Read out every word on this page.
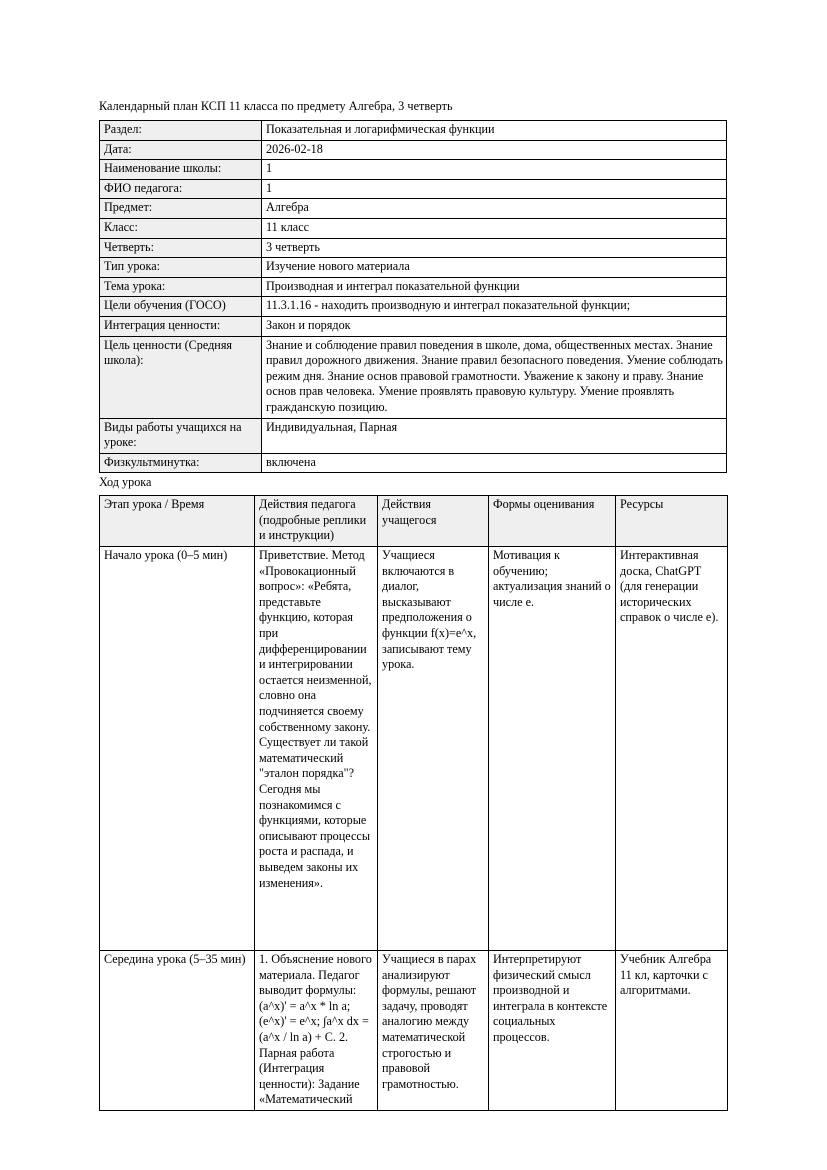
Календарный план КСП 11 класса по предмету Алгебра, 3 четверть
Раздел:	Показательная и логарифмическая функции
Дата:	2026-02-18
Наименование школы:	1
ФИО педагога:	1
Предмет:	Алгебра
Класс:	11 класс
Четверть:	3 четверть
Тип урока:	Изучение нового материала
Тема урока:	Производная и интеграл показательной функции
Цели обучения (ГОСО)	11.3.1.16 - находить производную и интеграл показательной функции;
Интеграция ценности:	Закон и порядок
Цель ценности (Средняя школа):	Знание и соблюдение правил поведения в школе, дома, общественных местах. Знание правил дорожного движения. Знание правил безопасного поведения. Умение соблюдать режим дня. Знание основ правовой грамотности. Уважение к закону и праву. Знание основ прав человека. Умение проявлять правовую культуру. Умение проявлять гражданскую позицию.
Виды работы учащихся на уроке:	Индивидуальная, Парная
Физкультминутка:	включена
Ход урока
Этап урока / Время	Действия педагога (подробные реплики и инструкции)	Действия учащегося	Формы оценивания	Ресурсы
Начало урока (0–5 мин)	Приветствие. Метод «Провокационный вопрос»: «Ребята, представьте функцию, которая при дифференцировании и интегрировании остается неизменной, словно она подчиняется своему собственному закону. Существует ли такой математический "эталон порядка"? Сегодня мы познакомимся с функциями, которые описывают процессы роста и распада, и выведем законы их изменения».	Учащиеся включаются в диалог, высказывают предположения о функции f(x)=e^x, записывают тему урока.	Мотивация к обучению; актуализация знаний о числе е.	Интерактивная доска, ChatGPT (для генерации исторических справок о числе е).
Середина урока (5–35 мин)	1. Объяснение нового материала. Педагог выводит формулы: (a^x)' = a^x * ln a; (e^x)' = e^x; ∫a^x dx = (a^x / ln a) + C. 2. Парная работа (Интеграция ценности): Задание «Математический	Учащиеся в парах анализируют формулы, решают задачу, проводят аналогию между математической строгостью и правовой грамотностью.	Интерпретируют физический смысл производной и интеграла в контексте социальных процессов.	Учебник Алгебра 11 кл, карточки с алгоритмами.
